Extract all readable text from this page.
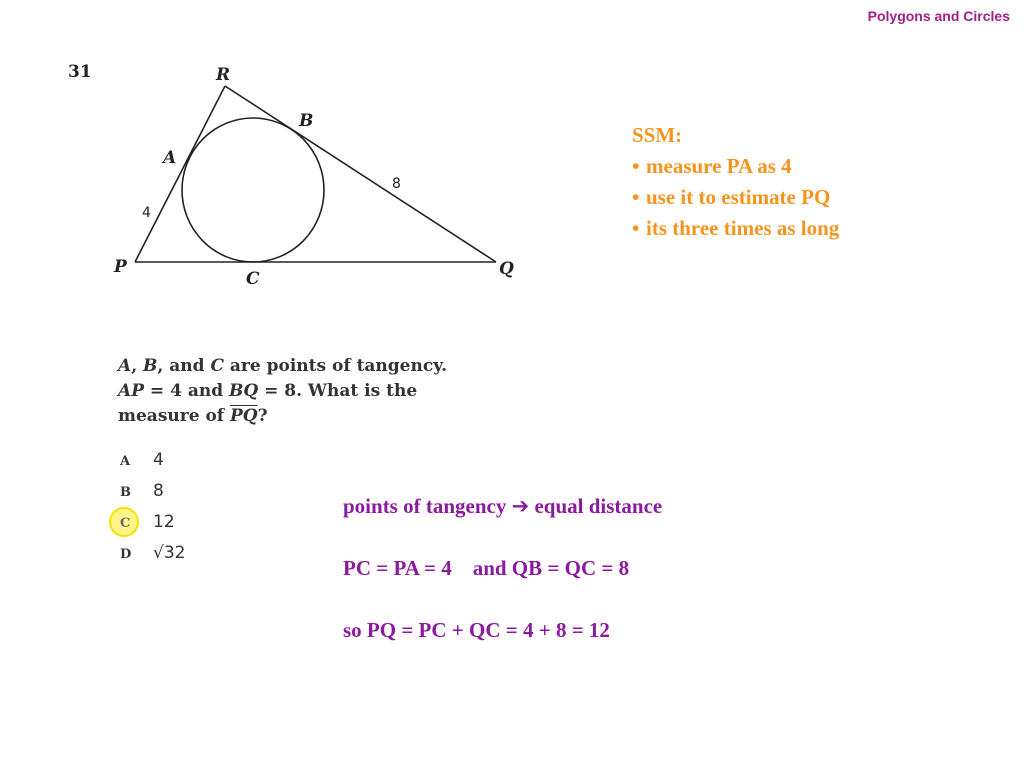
Polygons and Circles
31	R
A
B
P
C	Q
4
8
A, B, and C are points of tangency.
AP = 4 and BQ = 8. What is the
measure of $\overline{PQ}$?
A 4
B 8
C 12
D √32
SSM:
• measure PA as 4
• use it to estimate PQ
• its three times as long
points of tangency ➔ equal distance
PC = PA = 4    and QB = QC = 8
so PQ = PC + QC = 4 + 8 = 12
